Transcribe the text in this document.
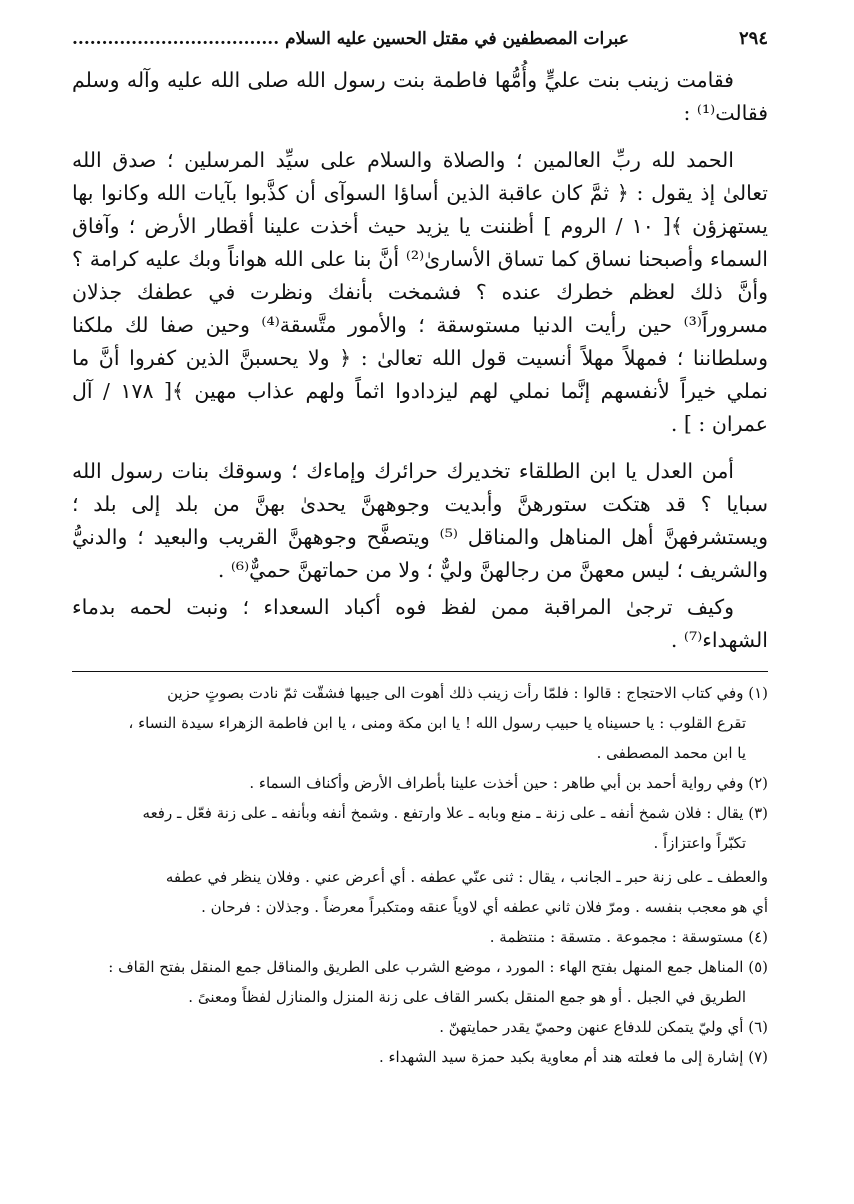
٢٩٤
عبرات المصطفين في مقتل الحسين عليه السلام ...................................

فقامت زينب بنت عليٍّ وأُمُّها فاطمة بنت رسول الله صلى الله عليه وآله وسلم فقالت⁽¹⁾ :

الحمد لله ربِّ العالمين ؛ والصلاة والسلام على سيِّد المرسلين ؛ صدق الله تعالىٰ إذ يقول : ﴿ ثمَّ كان عاقبة الذين أساؤا السوآى أن كذَّبوا بآيات الله وكانوا بها يستهزؤن ﴾[ ١٠ / الروم ] أظننت يا يزيد حيث أخذت علينا أقطار الأرض ؛ وآفاق السماء وأصبحنا نساق كما تساق الأسارىٰ⁽²⁾ أنَّ بنا على الله هواناً وبك عليه كرامة ؟ وأنَّ ذلك لعظم خطرك عنده ؟ فشمخت بأنفك ونظرت في عطفك جذلان مسروراً⁽³⁾ حين رأيت الدنيا مستوسقة ؛ والأمور متَّسقة⁽⁴⁾ وحين صفا لك ملكنا وسلطاننا ؛ فمهلاً مهلاً أنسيت قول الله تعالىٰ : ﴿ ولا يحسبنَّ الذين كفروا أنَّ ما نملي خيراً لأنفسهم إنَّما نملي لهم ليزدادوا اثماً ولهم عذاب مهين ﴾[ ١٧٨ / آل عمران : ] .

أمن العدل يا ابن الطلقاء تخديرك حرائرك وإماءك ؛ وسوقك بنات رسول الله سبايا ؟ قد هتكت ستورهنَّ وأبديت وجوههنَّ يحدىٰ بهنَّ من بلد إلى بلد ؛ ويستشرفهنَّ أهل المناهل والمناقل ⁽⁵⁾ ويتصفَّح وجوههنَّ القريب والبعيد ؛ والدنيُّ والشريف ؛ ليس معهنَّ من رجالهنَّ وليٌّ ؛ ولا من حماتهنَّ حميٌّ⁽⁶⁾ .

وكيف ترجىٰ المراقبة ممن لفظ فوه أكباد السعداء ؛ ونبت لحمه بدماء الشهداء⁽⁷⁾ .

(١) وفي كتاب الاحتجاج : قالوا : فلمّا رأت زينب ذلك أهوت الى جيبها فشقّت ثمّ نادت بصوتٍ حزين

تقرع القلوب : يا حسيناه يا حبيب رسول الله ! يا ابن مكة ومنى ، يا ابن فاطمة الزهراء سيدة النساء ،

يا ابن محمد المصطفى .

(٢) وفي رواية أحمد بن أبي طاهر : حين أخذت علينا بأطراف الأرض وأكناف السماء .

(٣) يقال : فلان شمخ أنفه ـ على زنة ـ منع وبابه ـ علا وارتفع . وشمخ أنفه وبأنفه ـ على زنة فعّل ـ رفعه

تكبّراً واعتزازاً .

والعطف ـ على زنة حبر ـ الجانب ، يقال : ثنى عنّي عطفه . أي أعرض عني . وفلان ينظر في عطفه

أي هو معجب بنفسه . ومرّ فلان ثاني عطفه أي لاوياً عنقه ومتكبراً معرضاً . وجذلان : فرحان .

(٤) مستوسقة : مجموعة . متسقة : منتظمة .

(٥) المناهل جمع المنهل بفتح الهاء : المورد ، موضع الشرب على الطريق والمناقل جمع المنقل بفتح القاف :

الطريق في الجبل . أو هو جمع المنقل بكسر القاف على زنة المنزل والمنازل لفظاً ومعنىً .

(٦) أي وليّ يتمكن للدفاع عنهن وحميّ يقدر حمايتهنّ .

(٧) إشارة إلى ما فعلته هند أم معاوية بكبد حمزة سيد الشهداء .
